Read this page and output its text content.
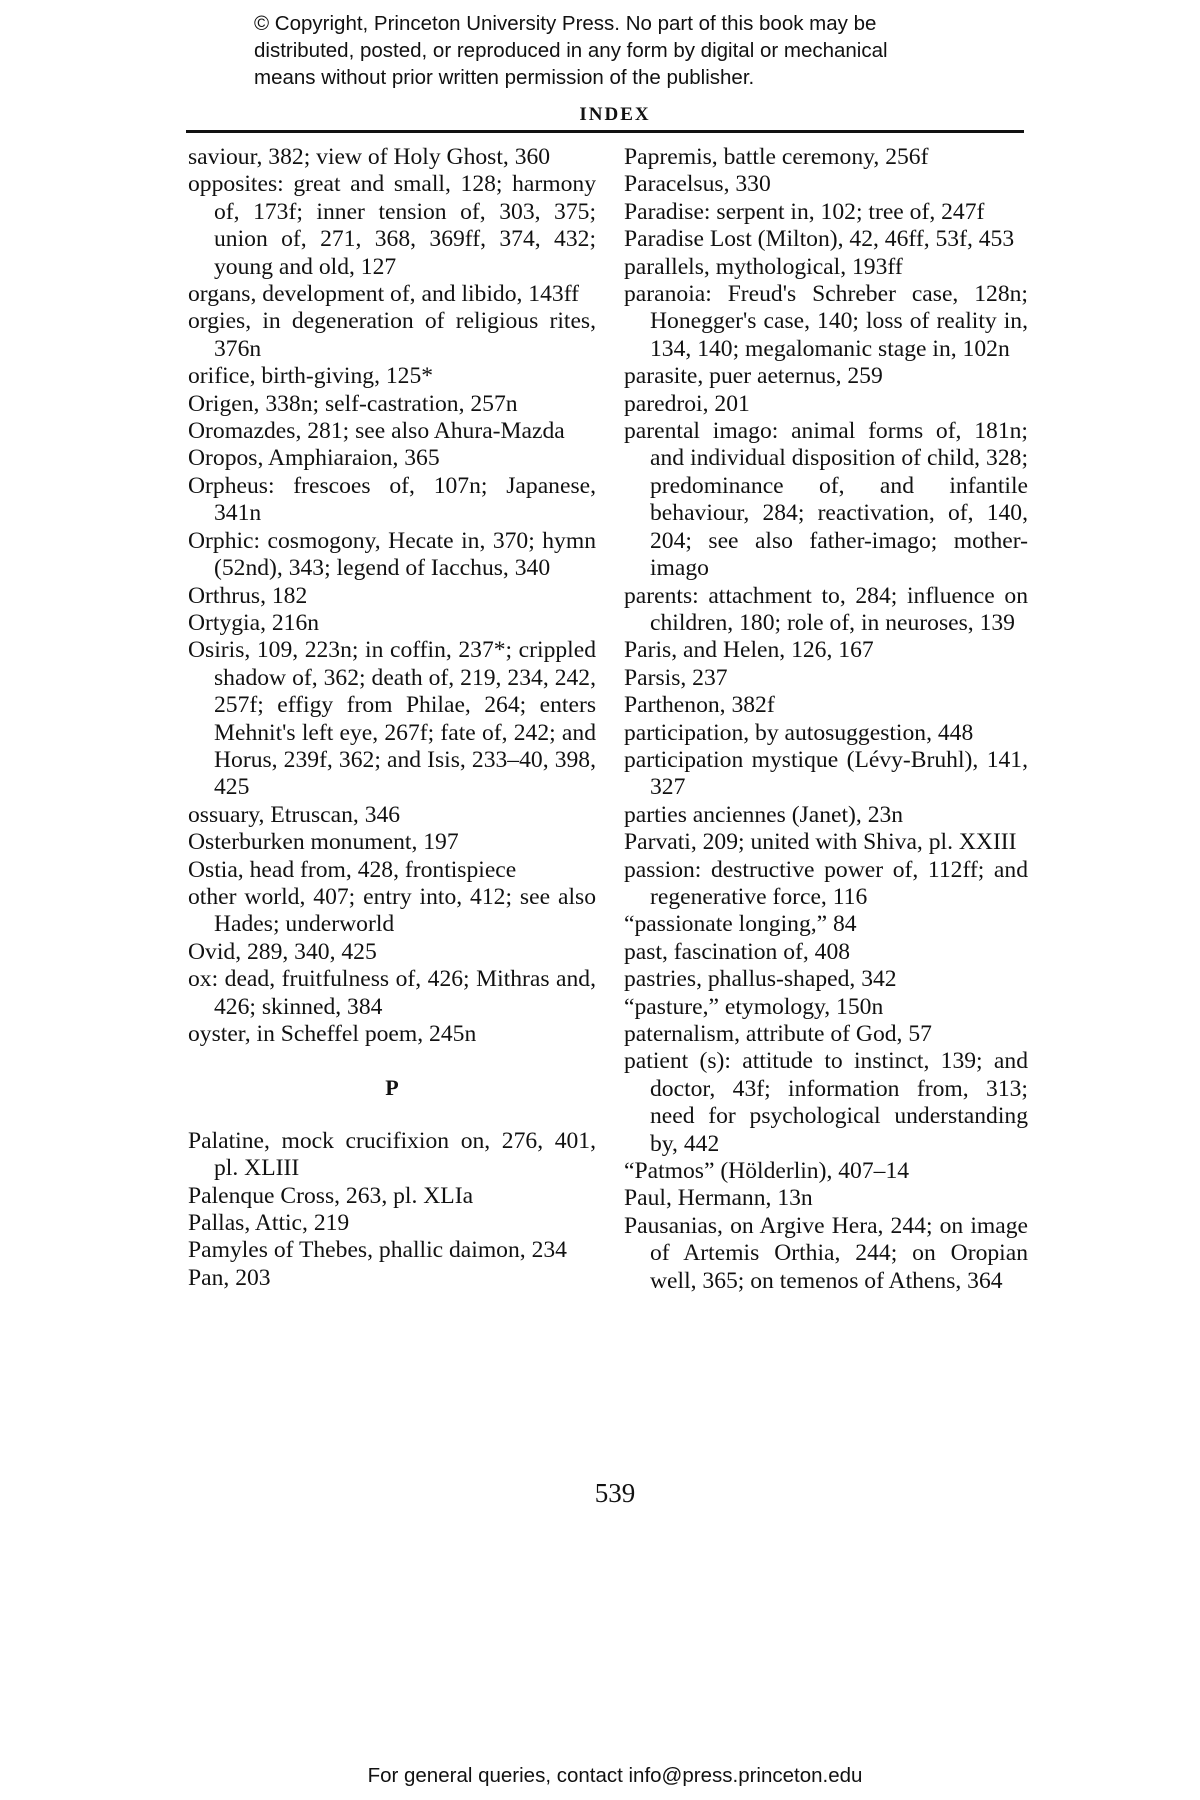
© Copyright, Princeton University Press. No part of this book may be
distributed, posted, or reproduced in any form by digital or mechanical
means without prior written permission of the publisher.
INDEX

saviour, 382; view of Holy Ghost, 360

opposites: great and small, 128; harmony of, 173f; inner tension of, 303, 375; union of, 271, 368, 369ff, 374, 432; young and old, 127

organs, development of, and libido, 143ff

orgies, in degeneration of religious rites, 376n

orifice, birth-giving, 125*

Origen, 338n; self-castration, 257n

Oromazdes, 281; see also Ahura-Mazda

Oropos, Amphiaraion, 365

Orpheus: frescoes of, 107n; Japanese, 341n

Orphic: cosmogony, Hecate in, 370; hymn (52nd), 343; legend of Iacchus, 340

Orthrus, 182

Ortygia, 216n

Osiris, 109, 223n; in coffin, 237*; crippled shadow of, 362; death of, 219, 234, 242, 257f; effigy from Philae, 264; enters Mehnit's left eye, 267f; fate of, 242; and Horus, 239f, 362; and Isis, 233–40, 398, 425

ossuary, Etruscan, 346

Osterburken monument, 197

Ostia, head from, 428, frontispiece

other world, 407; entry into, 412; see also Hades; underworld

Ovid, 289, 340, 425

ox: dead, fruitfulness of, 426; Mithras and, 426; skinned, 384

oyster, in Scheffel poem, 245n

P

Palatine, mock crucifixion on, 276, 401, pl. XLIII

Palenque Cross, 263, pl. XLIa

Pallas, Attic, 219

Pamyles of Thebes, phallic daimon, 234

Pan, 203

Papremis, battle ceremony, 256f

Paracelsus, 330

Paradise: serpent in, 102; tree of, 247f

Paradise Lost (Milton), 42, 46ff, 53f, 453

parallels, mythological, 193ff

paranoia: Freud's Schreber case, 128n; Honegger's case, 140; loss of reality in, 134, 140; megalomanic stage in, 102n

parasite, puer aeternus, 259

paredroi, 201

parental imago: animal forms of, 181n; and individual disposition of child, 328; predominance of, and infantile behaviour, 284; reactivation, of, 140, 204; see also father-imago; mother-imago

parents: attachment to, 284; influence on children, 180; role of, in neuroses, 139

Paris, and Helen, 126, 167

Parsis, 237

Parthenon, 382f

participation, by autosuggestion, 448

participation mystique (Lévy-Bruhl), 141, 327

parties anciennes (Janet), 23n

Parvati, 209; united with Shiva, pl. XXIII

passion: destructive power of, 112ff; and regenerative force, 116

“passionate longing,” 84

past, fascination of, 408

pastries, phallus-shaped, 342

“pasture,” etymology, 150n

paternalism, attribute of God, 57

patient (s): attitude to instinct, 139; and doctor, 43f; information from, 313; need for psychological understanding by, 442

“Patmos” (Hölderlin), 407–14

Paul, Hermann, 13n

Pausanias, on Argive Hera, 244; on image of Artemis Orthia, 244; on Oropian well, 365; on temenos of Athens, 364

539
For general queries, contact info@press.princeton.edu
